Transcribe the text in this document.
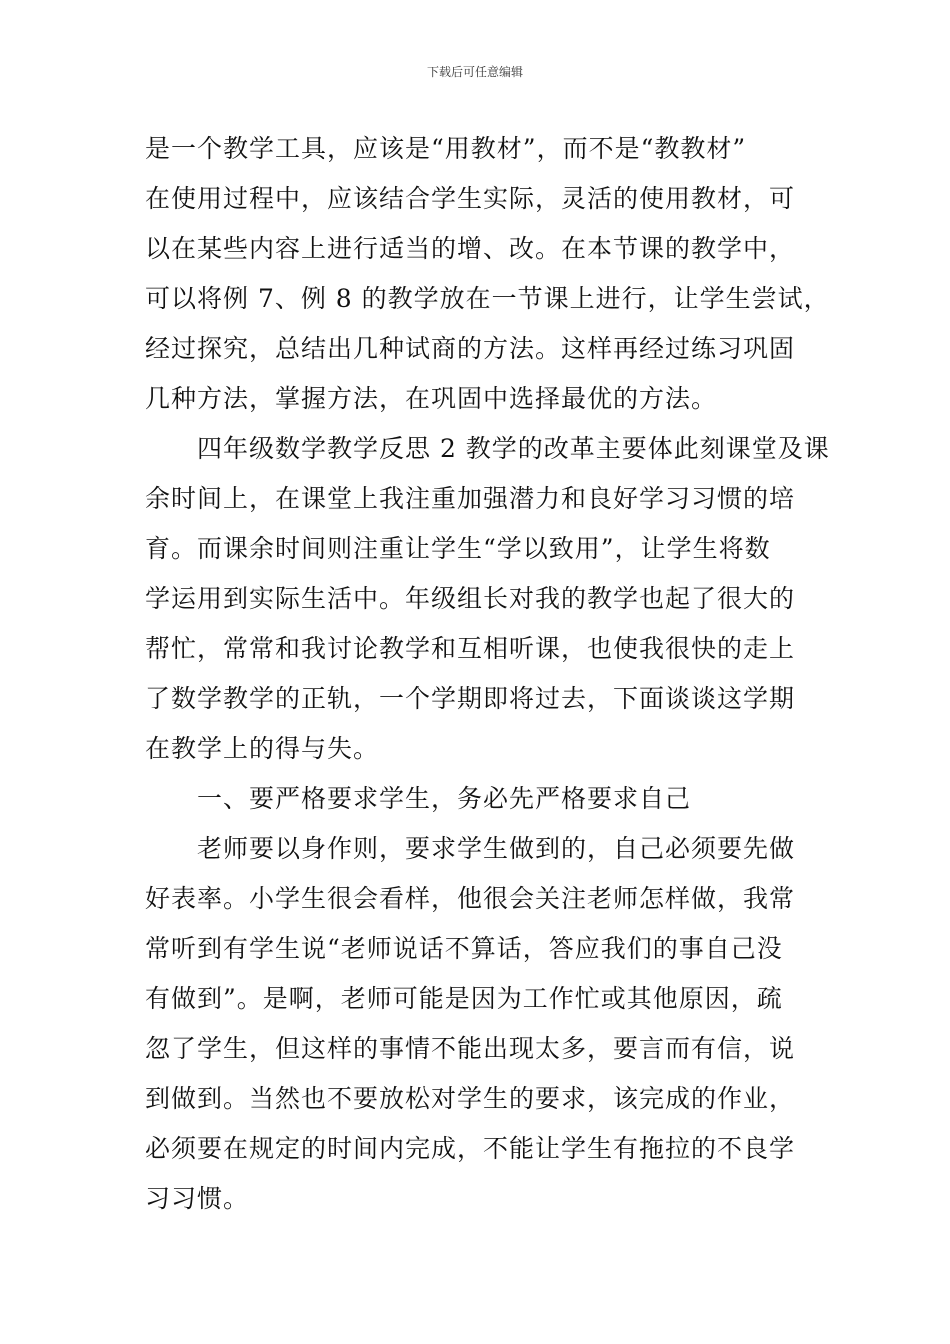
下载后可任意编辑
是一个教学工具，应该是“用教材”，而不是“教教材”
在使用过程中，应该结合学生实际，灵活的使用教材，可
以在某些内容上进行适当的增、改。在本节课的教学中，
可以将例 7、例 8 的教学放在一节课上进行，让学生尝试，
经过探究，总结出几种试商的方法。这样再经过练习巩固
几种方法，掌握方法，在巩固中选择最优的方法。
四年级数学教学反思 2 教学的改革主要体此刻课堂及课
余时间上，在课堂上我注重加强潜力和良好学习习惯的培
育。而课余时间则注重让学生“学以致用”，让学生将数
学运用到实际生活中。年级组长对我的教学也起了很大的
帮忙，常常和我讨论教学和互相听课，也使我很快的走上
了数学教学的正轨，一个学期即将过去，下面谈谈这学期
在教学上的得与失。
一、要严格要求学生，务必先严格要求自己
老师要以身作则，要求学生做到的，自己必须要先做
好表率。小学生很会看样，他很会关注老师怎样做，我常
常听到有学生说“老师说话不算话，答应我们的事自己没
有做到”。是啊，老师可能是因为工作忙或其他原因，疏
忽了学生，但这样的事情不能出现太多，要言而有信，说
到做到。当然也不要放松对学生的要求，该完成的作业，
必须要在规定的时间内完成，不能让学生有拖拉的不良学
习习惯。
